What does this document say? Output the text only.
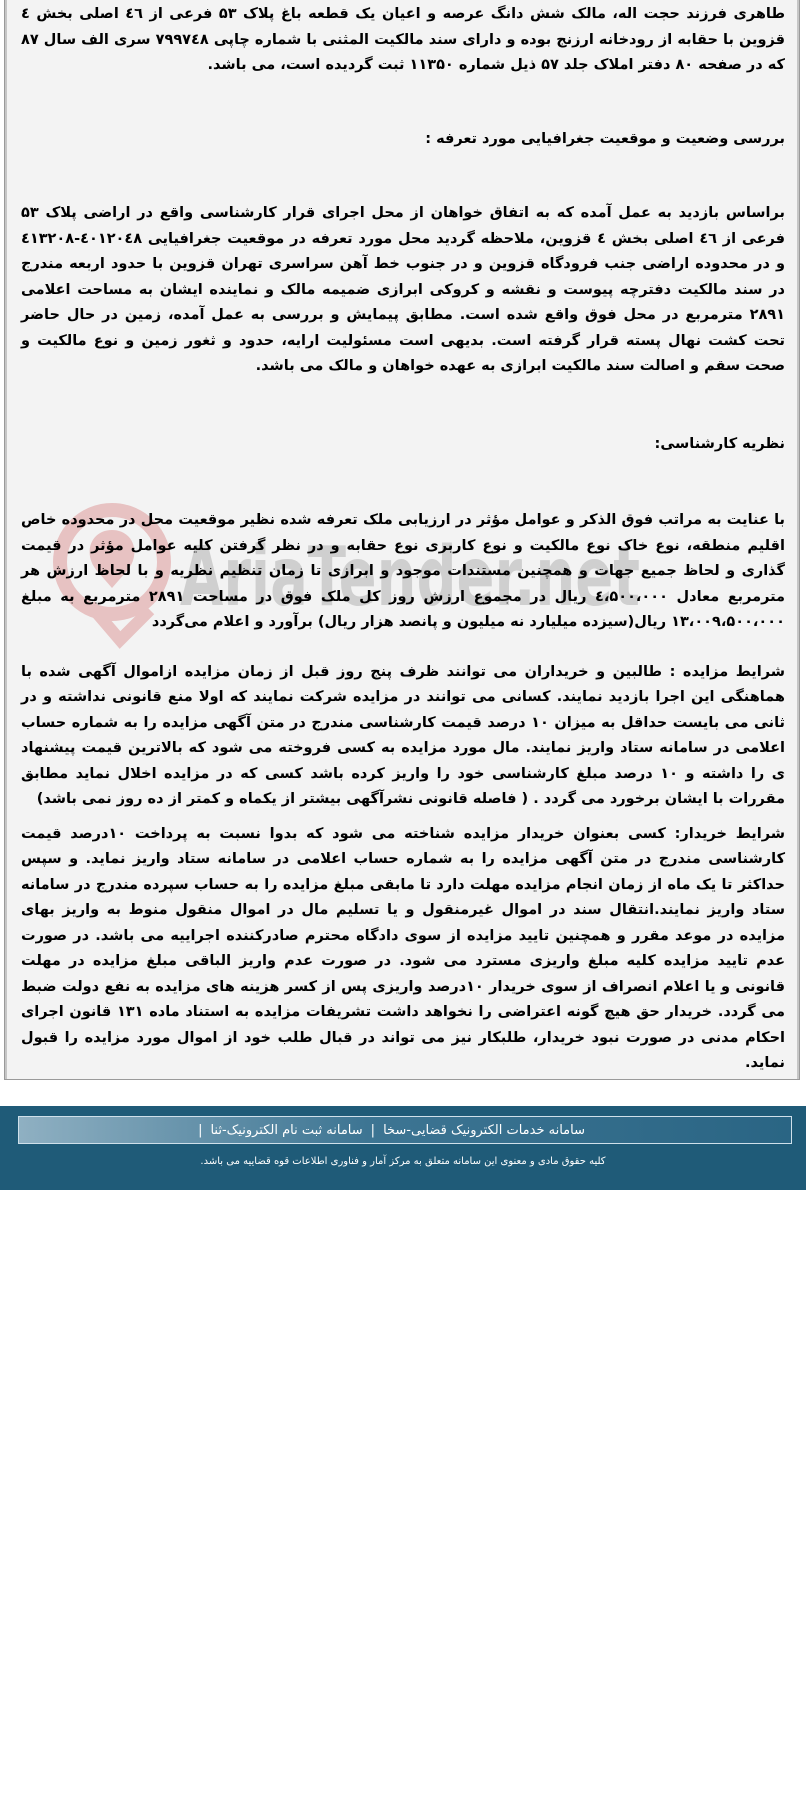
AriaTender.net

طاهری فرزند حجت اله، مالک شش دانگ عرصه و اعیان یک قطعه باغ پلاک ۵۳ فرعی از ٤٦ اصلی بخش ٤ قزوین با حقابه از رودخانه ارزنج بوده و دارای سند مالکیت المثنی با شماره چاپی ۷۹۹۷٤۸ سری الف سال ۸۷ که در صفحه ۸۰ دفتر املاک جلد ۵۷ ذیل شماره ۱۱۳۵۰ ثبت گردیده است، می باشد.

بررسی وضعیت و موقعیت جغرافیایی مورد تعرفه :

براساس بازدید به عمل آمده که به اتفاق خواهان از محل اجرای قرار کارشناسی واقع در اراضی پلاک ۵۳ فرعی از ٤٦ اصلی بخش ٤ قزوین، ملاحظه گردید محل مورد تعرفه در موقعیت جغرافیایی ٤٠١٢٠٤٨-٤١٣٢٠٨ و در محدوده اراضی جنب فرودگاه قزوین و در جنوب خط آهن سراسری تهران قزوین با حدود اربعه مندرج در سند مالکیت دفترچه پیوست و نقشه و کروکی ابرازی ضمیمه مالک و نماینده ایشان به مساحت اعلامی ۲۸۹۱ مترمربع در محل فوق واقع شده است. مطابق پیمایش و بررسی به عمل آمده، زمین در حال حاضر تحت کشت نهال پسته قرار گرفته است. بدیهی است مسئولیت ارایه، حدود و ثغور زمین و نوع مالکیت و صحت سقم و اصالت سند مالکیت ابرازی به عهده خواهان و مالک می باشد.

نظریه کارشناسی:

با عنایت به مراتب فوق الذکر و عوامل مؤثر در ارزیابی ملک تعرفه شده نظیر موقعیت محل در محدوده خاص اقلیم منطقه، نوع خاک نوع مالکیت و نوع کاربری نوع حقابه و در نظر گرفتن کلیه عوامل مؤثر در قیمت گذاری و لحاظ جمیع جهات و همچنین مستندات موجود و ابرازی تا زمان تنظیم نظریه و با لحاظ ارزش هر مترمربع معادل ٤،۵۰۰،۰۰۰ ریال در مجموع ارزش روز کل ملک فوق در مساحت ۲۸۹۱ مترمربع به مبلغ ۱۳،۰۰۹،۵۰۰،۰۰۰ ریال(سیزده میلیارد نه میلیون و پانصد هزار ریال) برآورد و اعلام می‌گردد

شرایط مزایده : طالبین و خریداران می توانند ظرف پنج روز قبل از زمان مزایده ازاموال آگهی شده با هماهنگی این اجرا بازدید نمایند. کسانی می توانند در مزایده شرکت نمایند که اولا منع قانونی نداشته و در ثانی می بایست حداقل به میزان ۱۰ درصد قیمت کارشناسی مندرج در متن آگهی مزایده را به شماره حساب اعلامی در سامانه ستاد واریز نمایند. مال مورد مزایده به کسی فروخته می شود که بالاترین قیمت پیشنهاد ی را داشته و ۱۰ درصد مبلغ کارشناسی خود را واریز کرده باشد کسی که در مزایده اخلال نماید مطابق مقررات با ایشان برخورد می گردد . ( فاصله قانونی نشرآگهی بیشتر از یکماه و کمتر از ده روز نمی باشد)

شرایط خریدار: کسی بعنوان خریدار مزایده شناخته می شود که بدوا نسبت به پرداخت ۱۰درصد قیمت کارشناسی مندرج در متن آگهی مزایده را به شماره حساب اعلامی در سامانه ستاد واریز نماید. و سپس حداکثر تا یک ماه از زمان انجام مزایده مهلت دارد تا مابقی مبلغ مزایده را به حساب سپرده مندرج در سامانه ستاد واریز نمایند.انتقال سند در اموال غیرمنقول و یا تسلیم مال در اموال منقول منوط به واریز بهای مزایده در موعد مقرر و همچنین تایید مزایده از سوی دادگاه محترم صادرکننده اجراییه می باشد. در صورت عدم تایید مزایده کلیه مبلغ واریزی مسترد می شود. در صورت عدم واریز الباقی مبلغ مزایده در مهلت قانونی و یا اعلام انصراف از سوی خریدار ۱۰درصد واریزی پس از کسر هزینه های مزایده به نفع دولت ضبط می گردد. خریدار حق هیچ گونه اعتراضی را نخواهد داشت تشریفات مزایده به استناد ماده ۱۳۱ قانون اجرای احکام مدنی در صورت نبود خریدار، طلبکار نیز می تواند در قبال طلب خود از اموال مورد مزایده را قبول نماید.

سامانه خدمات الکترونیک قضایی-سخا
|
سامانه ثبت نام الکترونیک-ثنا
|
کلیه حقوق مادی و معنوی این سامانه متعلق به مرکز آمار و فناوری اطلاعات قوه قضاییه می باشد.
